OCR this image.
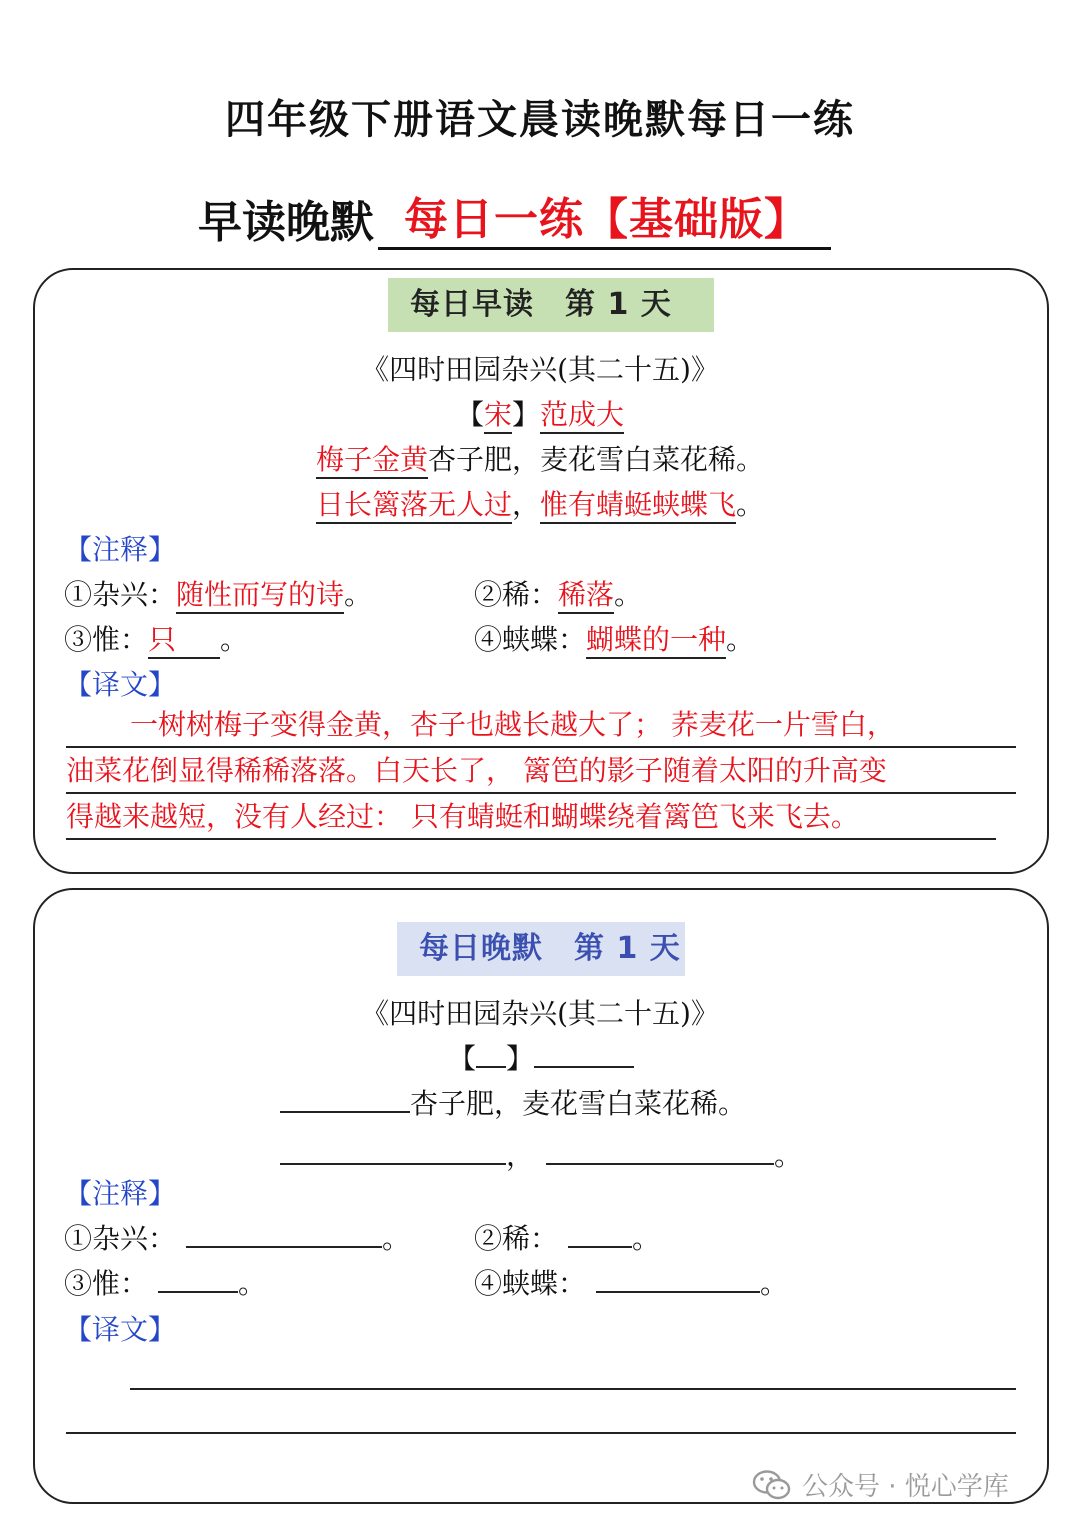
四年级下册语文晨读晚默每日一练
早读晚默 每日一练【基础版】
每日早读　第 1 天
《四时田园杂兴(其二十五)》
【宋】范成大
梅子金黄杏子肥，麦花雪白菜花稀。
日长篱落无人过，惟有蜻蜓蛱蝶飞。
【注释】
①杂兴：随性而写的诗。	②稀：稀落。
③惟：只 。	④蛱蝶：蝴蝶的一种。
【译文】
一树树梅子变得金黄，杏子也越长越大了； 荞麦花一片雪白，
油菜花倒显得稀稀落落。白天长了， 篱笆的影子随着太阳的升高变
得越来越短，没有人经过： 只有蜻蜓和蝴蝶绕着篱笆飞来飞去。
每日晚默　第 1 天
《四时田园杂兴(其二十五)》
【 】
杏子肥，麦花雪白菜花稀。
，	。
【注释】
①杂兴：	。 ②稀：	。
③惟：	。	④蛱蝶：	。
【译文】
公众号 · 悦心学库
